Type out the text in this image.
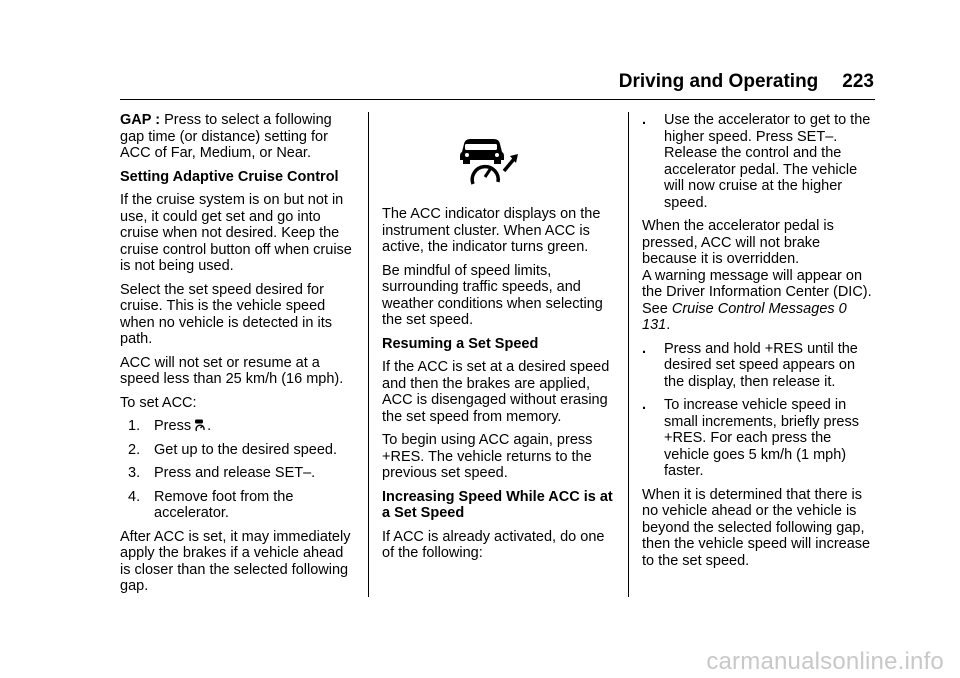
Driving and Operating 223

GAP : Press to select a following gap time (or distance) setting for ACC of Far, Medium, or Near.

Setting Adaptive Cruise Control

If the cruise system is on but not in use, it could get set and go into cruise when not desired. Keep the cruise control button off when cruise is not being used.

Select the set speed desired for cruise. This is the vehicle speed when no vehicle is detected in its path.

ACC will not set or resume at a speed less than 25 km/h (16 mph).

To set ACC:

1. Press .
2. Get up to the desired speed.
3. Press and release SET–.
4. Remove foot from the accelerator.

After ACC is set, it may immediately apply the brakes if a vehicle ahead is closer than the selected following gap.

The ACC indicator displays on the instrument cluster. When ACC is active, the indicator turns green.

Be mindful of speed limits, surrounding traffic speeds, and weather conditions when selecting the set speed.

Resuming a Set Speed

If the ACC is set at a desired speed and then the brakes are applied, ACC is disengaged without erasing the set speed from memory.

To begin using ACC again, press +RES. The vehicle returns to the previous set speed.

Increasing Speed While ACC is at a Set Speed

If ACC is already activated, do one of the following:

.	Use the accelerator to get to the higher speed. Press SET–. Release the control and the accelerator pedal. The vehicle will now cruise at the higher speed.

When the accelerator pedal is pressed, ACC will not brake because it is overridden.
A warning message will appear on the Driver Information Center (DIC). See Cruise Control Messages 0 131.

.	Press and hold +RES until the desired set speed appears on the display, then release it.
.	To increase vehicle speed in small increments, briefly press +RES. For each press the vehicle goes 5 km/h (1 mph) faster.

When it is determined that there is no vehicle ahead or the vehicle is beyond the selected following gap, then the vehicle speed will increase to the set speed.

carmanualsonline.info
